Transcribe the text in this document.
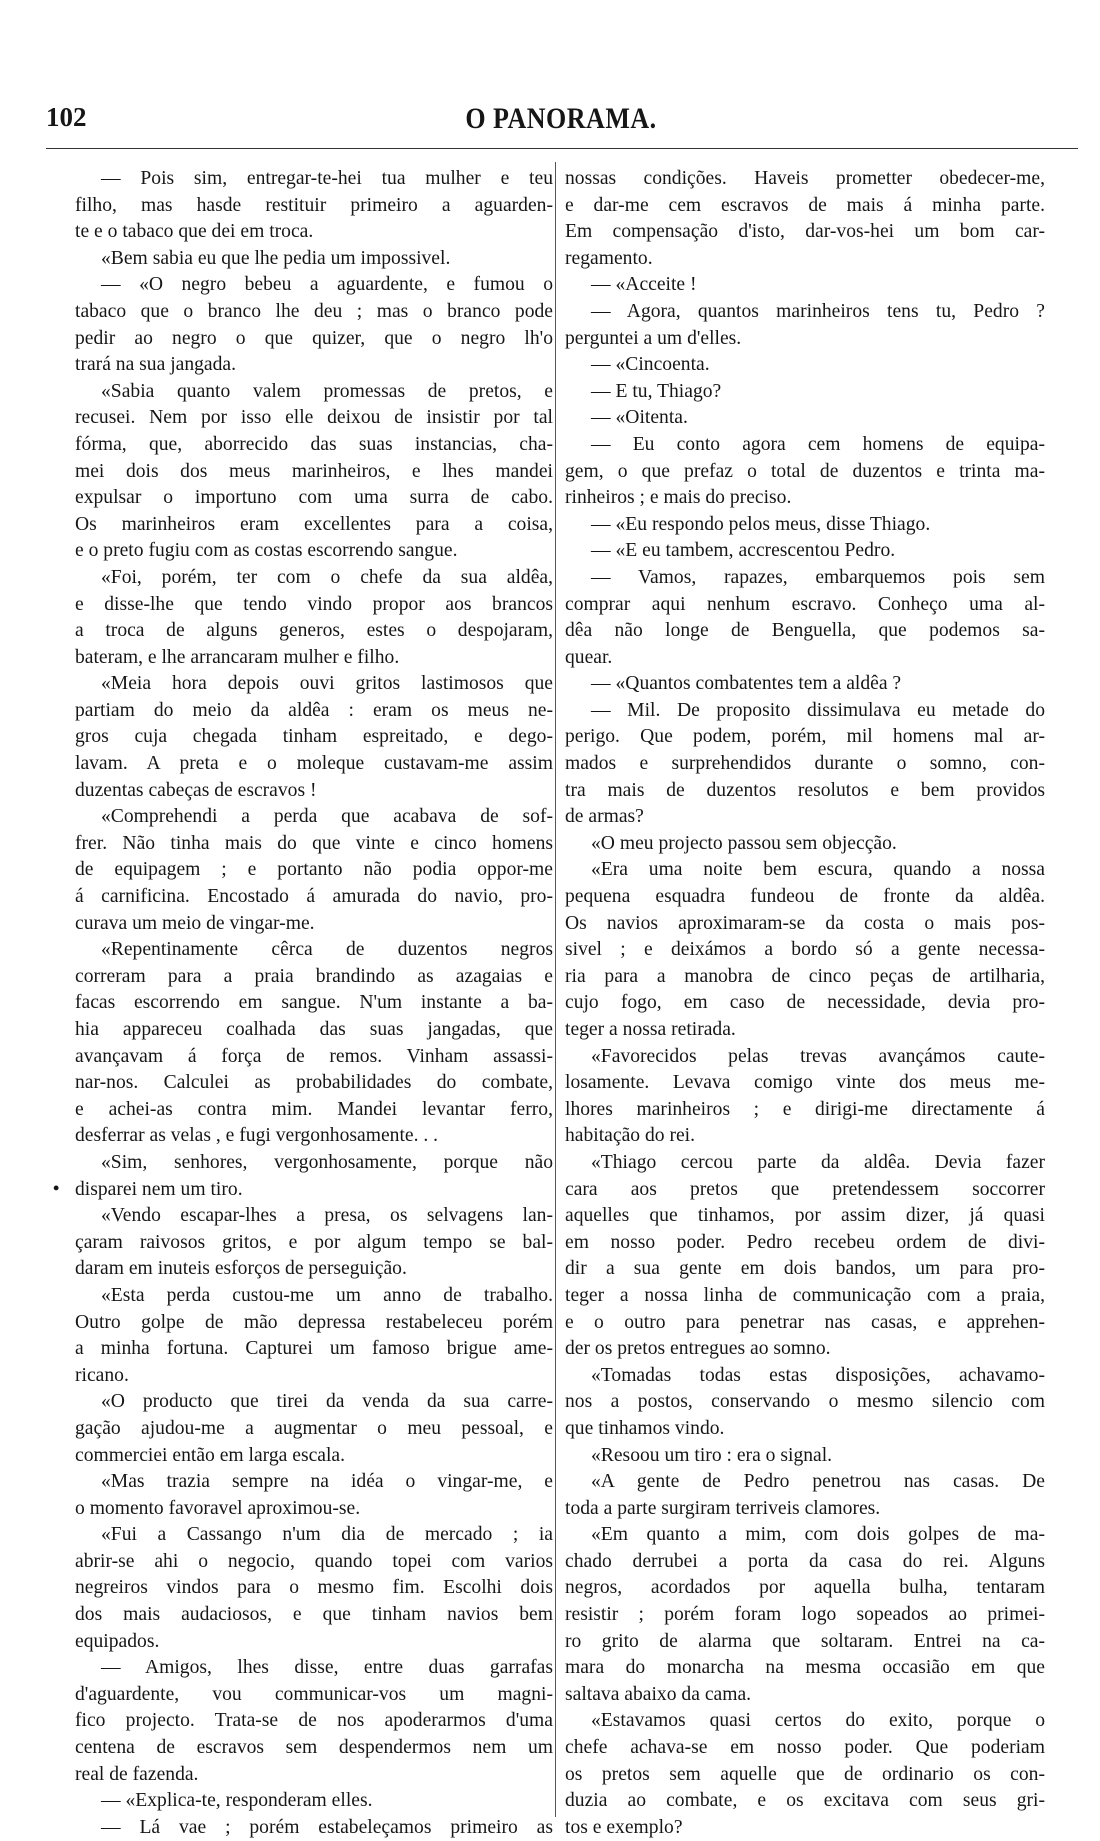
102	O PANORAMA.
•
— Pois sim, entregar-te-hei tua mulher e teu
filho, mas hasde restituir primeiro a aguarden-
te e o tabaco que dei em troca.
«Bem sabia eu que lhe pedia um impossivel.
— «O negro bebeu a aguardente, e fumou o
tabaco que o branco lhe deu ; mas o branco pode
pedir ao negro o que quizer, que o negro lh'o
trará na sua jangada.
«Sabia quanto valem promessas de pretos, e
recusei. Nem por isso elle deixou de insistir por tal
fórma, que, aborrecido das suas instancias, cha-
mei dois dos meus marinheiros, e lhes mandei
expulsar o importuno com uma surra de cabo.
Os marinheiros eram excellentes para a coisa,
e o preto fugiu com as costas escorrendo sangue.
«Foi, porém, ter com o chefe da sua aldêa,
e disse-lhe que tendo vindo propor aos brancos
a troca de alguns generos, estes o despojaram,
bateram, e lhe arrancaram mulher e filho.
«Meia hora depois ouvi gritos lastimosos que
partiam do meio da aldêa : eram os meus ne-
gros cuja chegada tinham espreitado, e dego-
lavam. A preta e o moleque custavam-me assim
duzentas cabeças de escravos !
«Comprehendi a perda que acabava de sof-
frer. Não tinha mais do que vinte e cinco homens
de equipagem ; e portanto não podia oppor-me
á carnificina. Encostado á amurada do navio, pro-
curava um meio de vingar-me.
«Repentinamente cêrca de duzentos negros
correram para a praia brandindo as azagaias e
facas escorrendo em sangue. N'um instante a ba-
hia appareceu coalhada das suas jangadas, que
avançavam á força de remos. Vinham assassi-
nar-nos. Calculei as probabilidades do combate,
e achei-as contra mim. Mandei levantar ferro,
desferrar as velas , e fugi vergonhosamente. . .
«Sim, senhores, vergonhosamente, porque não
disparei nem um tiro.
«Vendo escapar-lhes a presa, os selvagens lan-
çaram raivosos gritos, e por algum tempo se bal-
daram em inuteis esforços de perseguição.
«Esta perda custou-me um anno de trabalho.
Outro golpe de mão depressa restabeleceu porém
a minha fortuna. Capturei um famoso brigue ame-
ricano.
«O producto que tirei da venda da sua carre-
gação ajudou-me a augmentar o meu pessoal, e
commerciei então em larga escala.
«Mas trazia sempre na idéa o vingar-me, e
o momento favoravel aproximou-se.
«Fui a Cassango n'um dia de mercado ; ia
abrir-se ahi o negocio, quando topei com varios
negreiros vindos para o mesmo fim. Escolhi dois
dos mais audaciosos, e que tinham navios bem
equipados.
— Amigos, lhes disse, entre duas garrafas
d'aguardente, vou communicar-vos um magni-
fico projecto. Trata-se de nos apoderarmos d'uma
centena de escravos sem despendermos nem um
real de fazenda.
— «Explica-te, responderam elles.
— Lá vae ; porém estabeleçamos primeiro as
nossas condições. Haveis prometter obedecer-me,
e dar-me cem escravos de mais á minha parte.
Em compensação d'isto, dar-vos-hei um bom car-
regamento.
— «Acceite !
— Agora, quantos marinheiros tens tu, Pedro ?
perguntei a um d'elles.
— «Cincoenta.
— E tu, Thiago?
— «Oitenta.
— Eu conto agora cem homens de equipa-
gem, o que prefaz o total de duzentos e trinta ma-
rinheiros ; e mais do preciso.
— «Eu respondo pelos meus, disse Thiago.
— «E eu tambem, accrescentou Pedro.
— Vamos, rapazes, embarquemos pois sem
comprar aqui nenhum escravo. Conheço uma al-
dêa não longe de Benguella, que podemos sa-
quear.
— «Quantos combatentes tem a aldêa ?
— Mil. De proposito dissimulava eu metade do
perigo. Que podem, porém, mil homens mal ar-
mados e surprehendidos durante o somno, con-
tra mais de duzentos resolutos e bem providos
de armas?
«O meu projecto passou sem objecção.
«Era uma noite bem escura, quando a nossa
pequena esquadra fundeou de fronte da aldêa.
Os navios aproximaram-se da costa o mais pos-
sivel ; e deixámos a bordo só a gente necessa-
ria para a manobra de cinco peças de artilharia,
cujo fogo, em caso de necessidade, devia pro-
teger a nossa retirada.
«Favorecidos pelas trevas avançámos caute-
losamente. Levava comigo vinte dos meus me-
lhores marinheiros ; e dirigi-me directamente á
habitação do rei.
«Thiago cercou parte da aldêa. Devia fazer
cara aos pretos que pretendessem soccorrer
aquelles que tinhamos, por assim dizer, já quasi
em nosso poder. Pedro recebeu ordem de divi-
dir a sua gente em dois bandos, um para pro-
teger a nossa linha de communicação com a praia,
e o outro para penetrar nas casas, e apprehen-
der os pretos entregues ao somno.
«Tomadas todas estas disposições, achavamo-
nos a postos, conservando o mesmo silencio com
que tinhamos vindo.
«Resoou um tiro : era o signal.
«A gente de Pedro penetrou nas casas. De
toda a parte surgiram terriveis clamores.
«Em quanto a mim, com dois golpes de ma-
chado derrubei a porta da casa do rei. Alguns
negros, acordados por aquella bulha, tentaram
resistir ; porém foram logo sopeados ao primei-
ro grito de alarma que soltaram. Entrei na ca-
mara do monarcha na mesma occasião em que
saltava abaixo da cama.
«Estavamos quasi certos do exito, porque o
chefe achava-se em nosso poder. Que poderiam
os pretos sem aquelle que de ordinario os con-
duzia ao combate, e os excitava com seus gri-
tos e exemplo?
